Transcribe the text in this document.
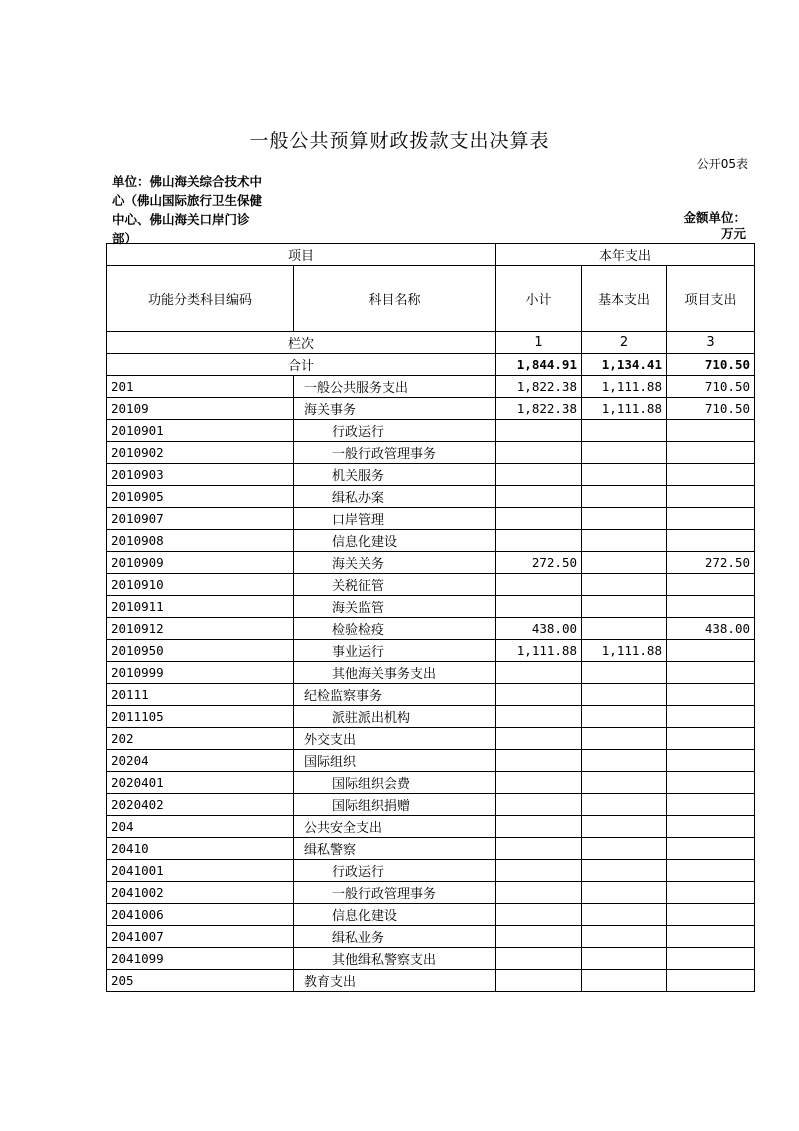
一般公共预算财政拨款支出决算表
公开05表
单位：佛山海关综合技术中心（佛山国际旅行卫生保健中心、佛山海关口岸门诊部）
金额单位：
万元
项目		本年支出		
功能分类科目编码	科目名称	小计	基本支出	项目支出
栏次		1	2	3
合计		1,844.91	1,134.41	710.50
201	一般公共服务支出	1,822.38	1,111.88	710.50
20109	海关事务	1,822.38	1,111.88	710.50
2010901	行政运行			
2010902	一般行政管理事务			
2010903	机关服务			
2010905	缉私办案			
2010907	口岸管理			
2010908	信息化建设			
2010909	海关关务	272.50		272.50
2010910	关税征管			
2010911	海关监管			
2010912	检验检疫	438.00		438.00
2010950	事业运行	1,111.88	1,111.88	
2010999	其他海关事务支出			
20111	纪检监察事务			
2011105	派驻派出机构			
202	外交支出			
20204	国际组织			
2020401	国际组织会费			
2020402	国际组织捐赠			
204	公共安全支出			
20410	缉私警察			
2041001	行政运行			
2041002	一般行政管理事务			
2041006	信息化建设			
2041007	缉私业务			
2041099	其他缉私警察支出			
205	教育支出			
